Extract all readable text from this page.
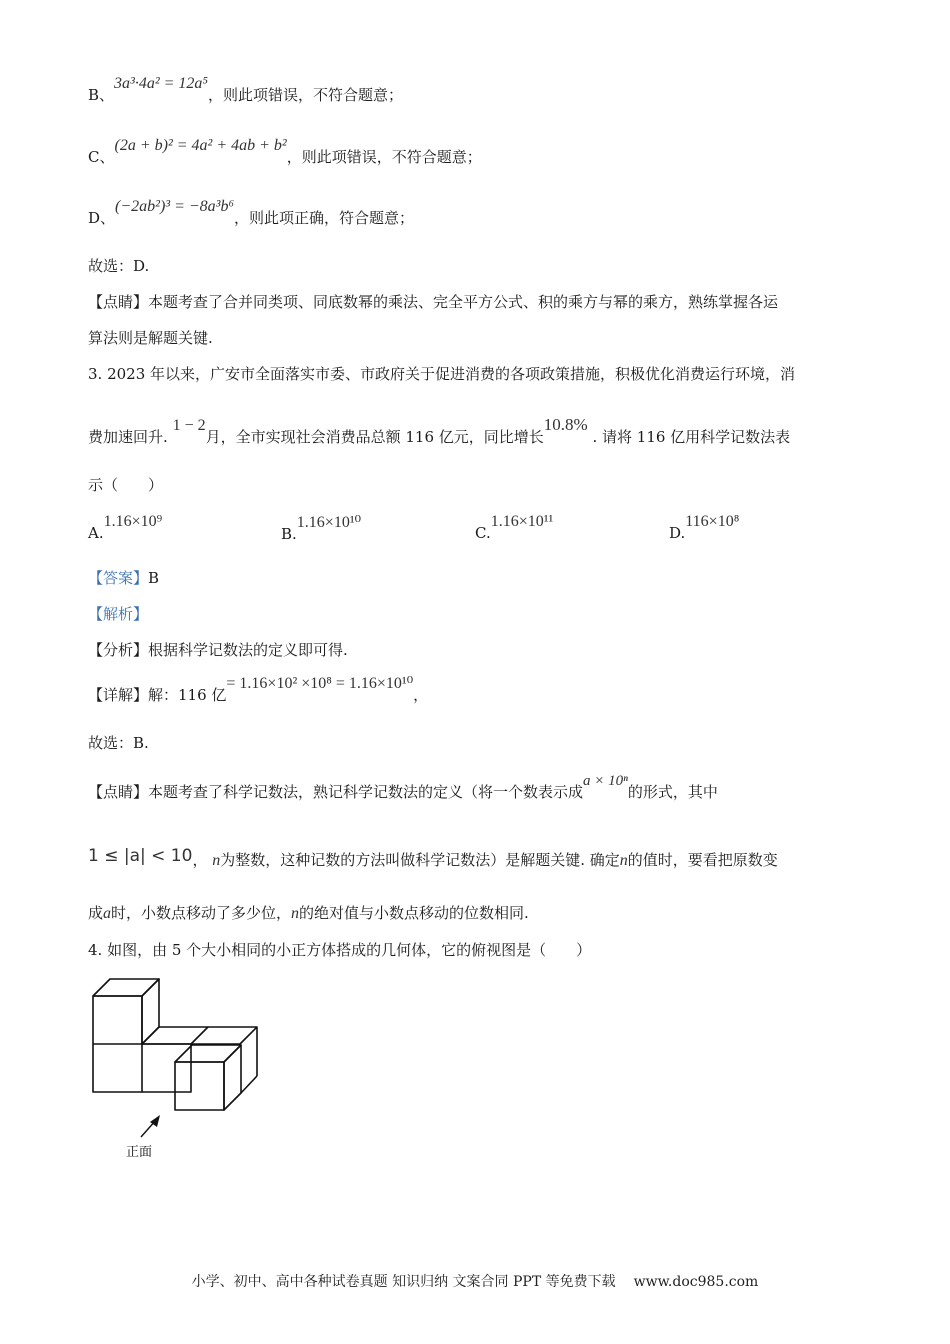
B、3a³·4a² = 12a⁵，则此项错误，不符合题意；
C、(2a + b)² = 4a² + 4ab + b²，则此项错误，不符合题意；
D、(−2ab²)³ = −8a³b⁶，则此项正确，符合题意；
故选：D.
【点睛】本题考查了合并同类项、同底数幂的乘法、完全平方公式、积的乘方与幂的乘方，熟练掌握各运
算法则是解题关键.
3. 2023 年以来，广安市全面落实市委、市政府关于促进消费的各项政策措施，积极优化消费运行环境，消
费加速回升. 1 − 2月，全市实现社会消费品总额 116 亿元，同比增长10.8% . 请将 116 亿用科学记数法表
示（　　）
A.1.16×10⁹
B.1.16×10¹⁰
C.1.16×10¹¹
D.116×10⁸
【答案】B
【解析】
【分析】根据科学记数法的定义即可得.
【详解】解：116 亿= 1.16×10² ×10⁸ = 1.16×10¹⁰，
故选：B.
【点睛】本题考查了科学记数法，熟记科学记数法的定义（将一个数表示成a × 10ⁿ的形式，其中
1 ≤ |a| < 10， n为整数，这种记数的方法叫做科学记数法）是解题关键. 确定n的值时，要看把原数变
成a时，小数点移动了多少位，n的绝对值与小数点移动的位数相同.
4. 如图，由 5 个大小相同的小正方体搭成的几何体，它的俯视图是（　　）
正面
小学、初中、高中各种试卷真题 知识归纳 文案合同 PPT 等免费下载 www.doc985.com
